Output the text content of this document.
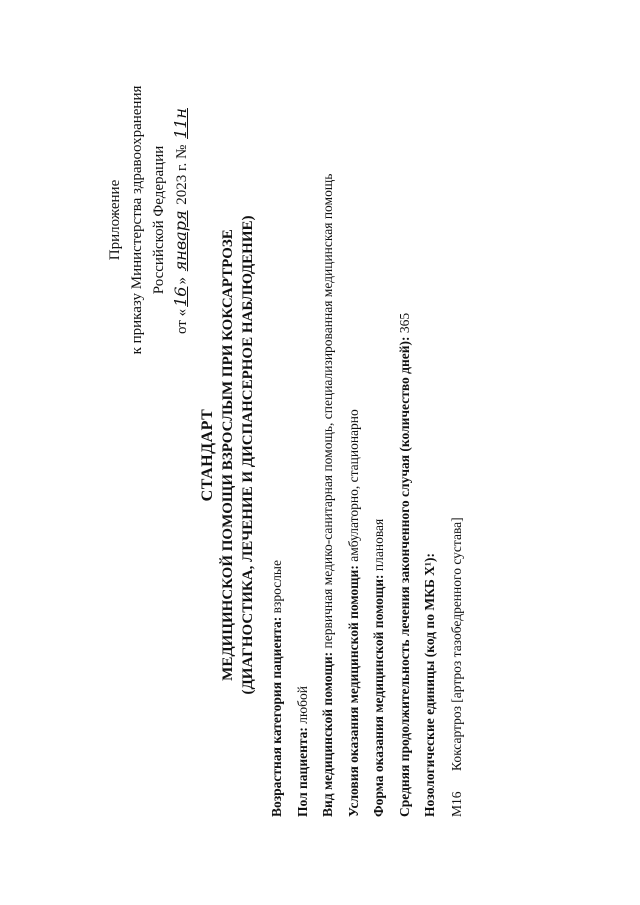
Приложение к приказу Министерства здравоохранения Российской Федерации
от «16» января 2023 г. № 11н
СТАНДАРТ МЕДИЦИНСКОЙ ПОМОЩИ ВЗРОСЛЫМ ПРИ КОКСАРТРОЗЕ (ДИАГНОСТИКА, ЛЕЧЕНИЕ И ДИСПАНСЕРНОЕ НАБЛЮДЕНИЕ)
Возрастная категория пациента: взрослые
Пол пациента: любой Вид медицинской помощи: первичная медико-санитарная помощь, специализированная медицинская помощь
Условия оказания медицинской помощи: амбулаторно, стационарно
Форма оказания медицинской помощи: плановая Средняя продолжительность лечения законченного случая (количество дней): 365
Нозологические единицы (код по МКБ X¹): M16Коксартроз [артроз тазобедренного сустава]
